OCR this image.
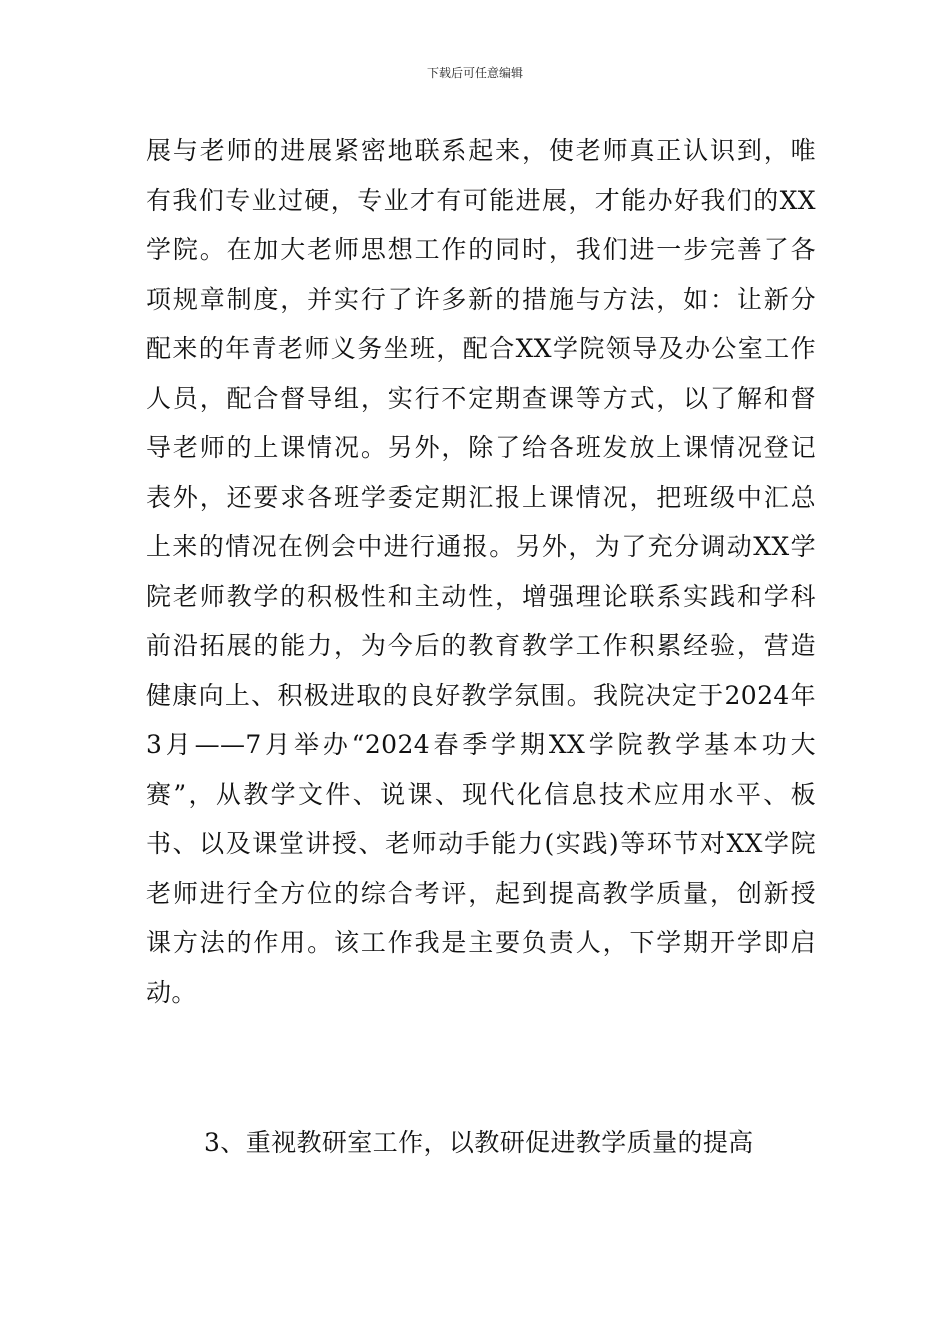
下载后可任意编辑
展与老师的进展紧密地联系起来，使老师真正认识到，唯
有我们专业过硬，专业才有可能进展，才能办好我们的XX
学院。在加大老师思想工作的同时，我们进一步完善了各
项规章制度，并实行了许多新的措施与方法，如：让新分
配来的年青老师义务坐班，配合XX学院领导及办公室工作
人员，配合督导组，实行不定期查课等方式，以了解和督
导老师的上课情况。另外，除了给各班发放上课情况登记
表外，还要求各班学委定期汇报上课情况，把班级中汇总
上来的情况在例会中进行通报。另外，为了充分调动XX学
院老师教学的积极性和主动性，增强理论联系实践和学科
前沿拓展的能力，为今后的教育教学工作积累经验，营造
健康向上、积极进取的良好教学氛围。我院决定于2024年
3月——7月举办“2024春季学期XX学院教学基本功大
赛”，从教学文件、说课、现代化信息技术应用水平、板
书、以及课堂讲授、老师动手能力(实践)等环节对XX学院
老师进行全方位的综合考评，起到提高教学质量，创新授
课方法的作用。该工作我是主要负责人，下学期开学即启
动。
3、重视教研室工作，以教研促进教学质量的提高
